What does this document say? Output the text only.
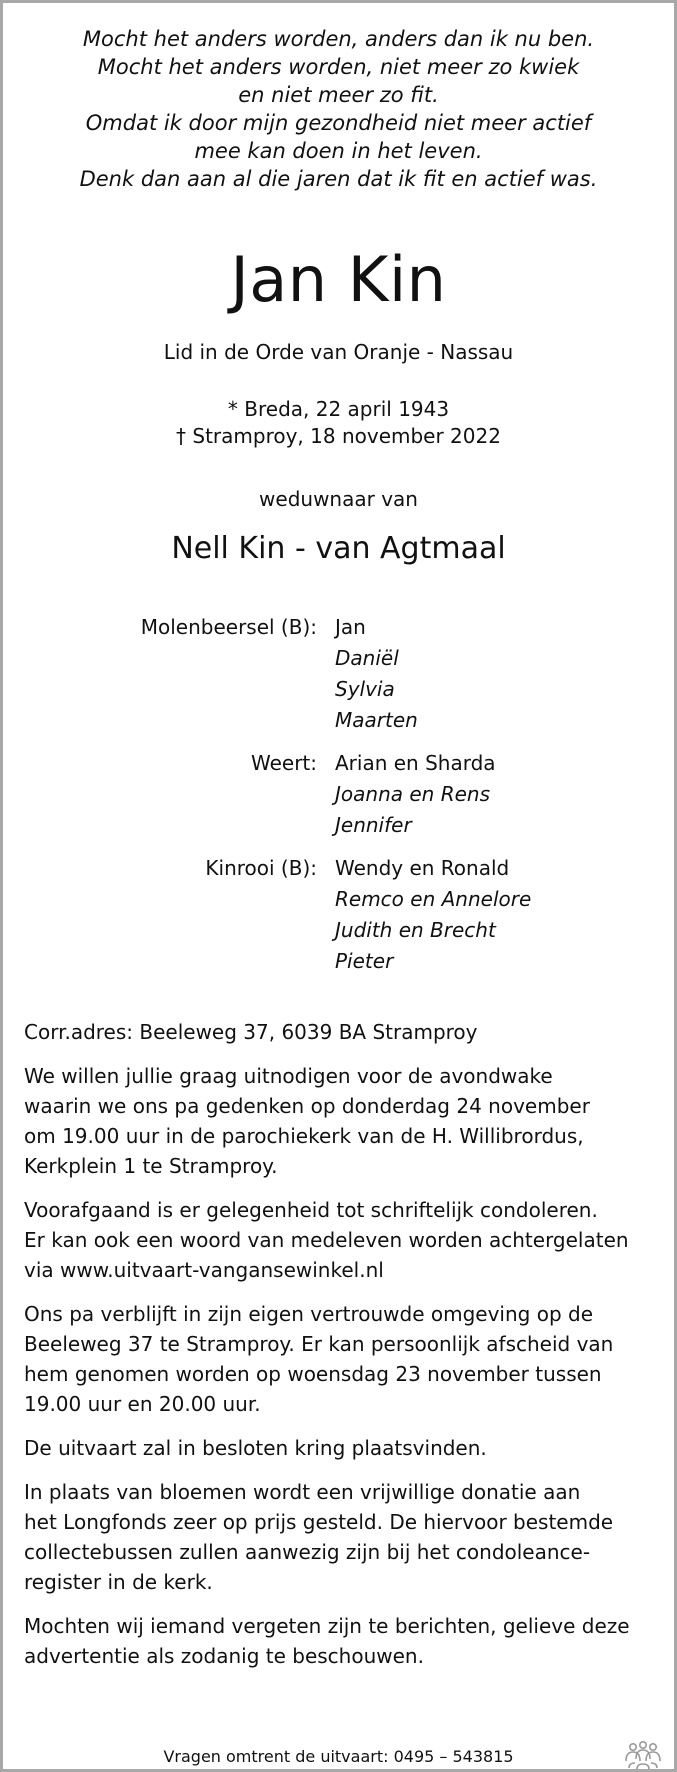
Mocht het anders worden, anders dan ik nu ben.
Mocht het anders worden, niet meer zo kwiek
en niet meer zo fit.
Omdat ik door mijn gezondheid niet meer actief
mee kan doen in het leven.
Denk dan aan al die jaren dat ik fit en actief was.
Jan Kin
Lid in de Orde van Oranje - Nassau
* Breda, 22 april 1943
† Stramproy, 18 november 2022
weduwnaar van
Nell Kin - van Agtmaal
Molenbeersel (B): Jan
Daniël
Sylvia
Maarten
Weert: Arian en Sharda
Joanna en Rens
Jennifer
Kinrooi (B): Wendy en Ronald
Remco en Annelore
Judith en Brecht
Pieter

Corr.adres: Beeleweg 37, 6039 BA Stramproy

We willen jullie graag uitnodigen voor de avondwake
waarin we ons pa gedenken op donderdag 24 november
om 19.00 uur in de parochiekerk van de H. Willibrordus,
Kerkplein 1 te Stramproy.

Voorafgaand is er gelegenheid tot schriftelijk condoleren.
Er kan ook een woord van medeleven worden achtergelaten
via www.uitvaart-vangansewinkel.nl

Ons pa verblijft in zijn eigen vertrouwde omgeving op de
Beeleweg 37 te Stramproy. Er kan persoonlijk afscheid van
hem genomen worden op woensdag 23 november tussen
19.00 uur en 20.00 uur.

De uitvaart zal in besloten kring plaatsvinden.

In plaats van bloemen wordt een vrijwillige donatie aan
het Longfonds zeer op prijs gesteld. De hiervoor bestemde
collectebussen zullen aanwezig zijn bij het condoleance-
register in de kerk.

Mochten wij iemand vergeten zijn te berichten, gelieve deze
advertentie als zodanig te beschouwen.

Vragen omtrent de uitvaart: 0495 – 543815
